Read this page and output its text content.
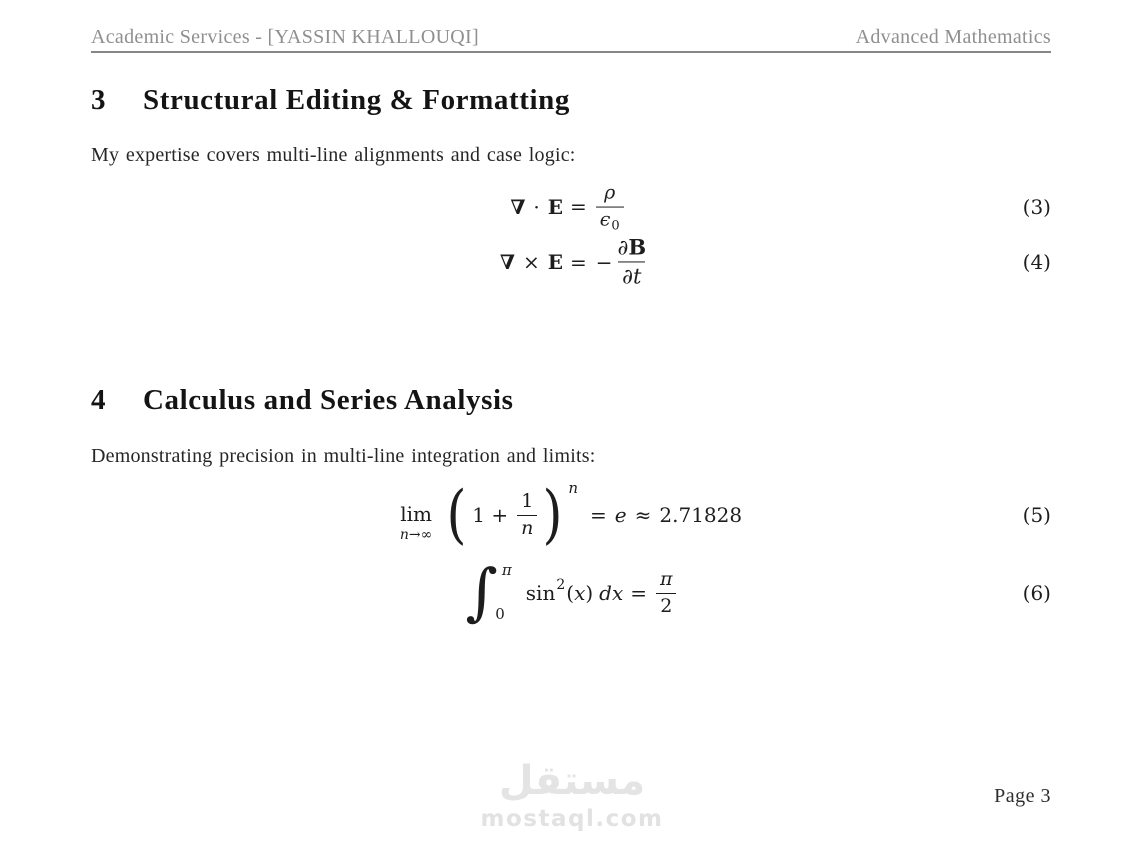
Academic Services - [YASSIN KHALLOUQI]	Advanced Mathematics
3	Structural Editing & Formatting

My expertise covers multi-line alignments and case logic:

∇ · $E = \frac{\rho}{\epsilon 0}$	(3)
∇ × E = − $\frac{\partial B}{\partial t}$	(4)
4	Calculus and Series Analysis

Demonstrating precision in multi-line integration and limits:

lim
n→∞ ( $1 + \frac{1}{n}$ ) n
= e ≈ 2.71828	(5)
∫ π
0
sin 2 ( x ) dx = $\frac{\pi}{2}$	(6)
مستقل
mostaql.com
Page 3
